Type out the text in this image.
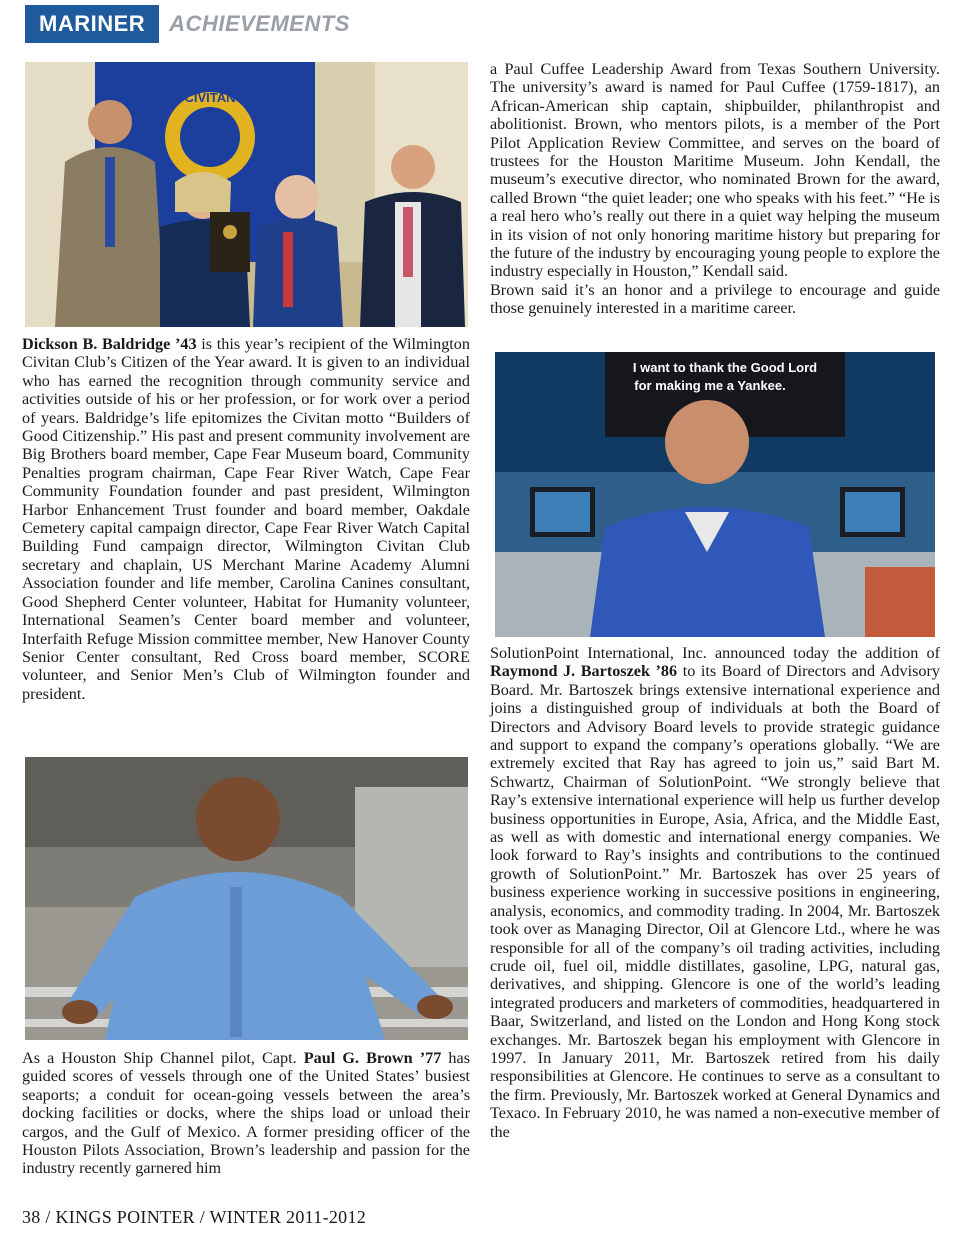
MARINER	ACHIEVEMENTS
CIVITAN

Dickson B. Baldridge ’43 is this year’s recipient of the Wilmington Civitan Club’s Citizen of the Year award. It is given to an individual who has earned the recognition through community service and activities outside of his or her profession, or for work over a period of years. Baldridge’s life epitomizes the Civitan motto “Builders of Good Citizenship.” His past and present community involvement are Big Brothers board member, Cape Fear Museum board, Community Penalties program chairman, Cape Fear River Watch, Cape Fear Community Foundation founder and past president, Wilmington Harbor Enhancement Trust founder and board member, Oakdale Cemetery capital campaign director, Cape Fear River Watch Capital Building Fund campaign director, Wilmington Civitan Club secretary and chaplain, US Merchant Marine Academy Alumni Association founder and life member, Carolina Canines consultant, Good Shepherd Center volunteer, Habitat for Humanity volunteer, International Seamen’s Center board member and volunteer, Interfaith Refuge Mission committee member, New Hanover County Senior Center consultant, Red Cross board member, SCORE volunteer, and Senior Men’s Club of Wilmington founder and president.

As a Houston Ship Channel pilot, Capt. Paul G. Brown ’77 has guided scores of vessels through one of the United States’ busiest seaports; a conduit for ocean-going vessels between the area’s docking facilities or docks, where the ships load or unload their cargos, and the Gulf of Mexico. A former presiding officer of the Houston Pilots Association, Brown’s leadership and passion for the industry recently garnered him

a Paul Cuffee Leadership Award from Texas Southern University. The university’s award is named for Paul Cuffee (1759-1817), an African-American ship captain, shipbuilder, philanthropist and abolitionist. Brown, who mentors pilots, is a member of the Port Pilot Application Review Committee, and serves on the board of trustees for the Houston Maritime Museum. John Kendall, the museum’s executive director, who nominated Brown for the award, called Brown “the quiet leader; one who speaks with his feet.” “He is a real hero who’s really out there in a quiet way helping the museum in its vision of not only honoring maritime history but preparing for the future of the industry by encouraging young people to explore the industry especially in Houston,” Kendall said.

Brown said it’s an honor and a privilege to encourage and guide those genuinely interested in a maritime career.

I want to thank the Good Lord
for making me a Yankee.

SolutionPoint International, Inc. announced today the addition of Raymond J. Bartoszek ’86 to its Board of Directors and Advisory Board. Mr. Bartoszek brings extensive international experience and joins a distinguished group of individuals at both the Board of Directors and Advisory Board levels to provide strategic guidance and support to expand the company’s operations globally. “We are extremely excited that Ray has agreed to join us,” said Bart M. Schwartz, Chairman of SolutionPoint. “We strongly believe that Ray’s extensive international experience will help us further develop business opportunities in Europe, Asia, Africa, and the Middle East, as well as with domestic and international energy companies. We look forward to Ray’s insights and contributions to the continued growth of SolutionPoint.” Mr. Bartoszek has over 25 years of business experience working in successive positions in engineering, analysis, economics, and commodity trading. In 2004, Mr. Bartoszek took over as Managing Director, Oil at Glencore Ltd., where he was responsible for all of the company’s oil trading activities, including crude oil, fuel oil, middle distillates, gasoline, LPG, natural gas, derivatives, and shipping. Glencore is one of the world’s leading integrated producers and marketers of commodities, headquartered in Baar, Switzerland, and listed on the London and Hong Kong stock exchanges. Mr. Bartoszek began his employment with Glencore in 1997. In January 2011, Mr. Bartoszek retired from his daily responsibilities at Glencore. He continues to serve as a consultant to the firm. Previously, Mr. Bartoszek worked at General Dynamics and Texaco. In February 2010, he was named a non-executive member of the

38 / KINGS POINTER / WINTER 2011-2012
